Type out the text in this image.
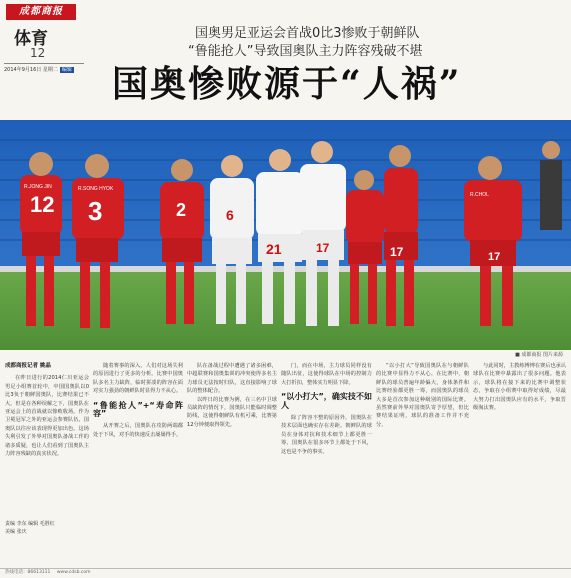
成都商报
体育
12
2014年9月16日 星期二 编辑
国奥男足亚运会首战0比3惨败于朝鲜队
“鲁能抢人”导致国奥队主力阵容残破不堪
国奥惨败源于“人祸”
12
R.JONG JIN
3
R.SONG HYOK
2	6
21	17	17
R.CHOL
17
■ 成都商报 图片来源
成都商报记者 姚晶

在昨日进行的2014仁川亚运会男足小组赛首轮中，中国国奥队以0比3负于朝鲜国奥队，比赛结果已不大。但是在各种误解之下，国奥队在亚运会上的首战就以惨败收场。作为卫冕冠军之外的亚运会参赛队伍，国奥队以往应该表现得更加出色。这场失利引发了外界对国奥队备战工作的诸多质疑，也让人们看到了国奥队主力阵容残缺的真实状况。

责编 李东 编辑 毛胜红
美编 张庆

随着赛事的深入，人们对这场失利的原因进行了更多的分析。比赛中国奥队多名主力缺阵，临时拼凑的阵容在面对实力强劲的朝鲜队时显得力不从心。

“鲁能抢人”+“寿命阵容”

从开赛之后，国奥队在攻防两端都处于下风，对手的快速反击屡屡得手。

队在备战过程中遭遇了诸多困难，中超联赛和国奥集训的冲突使得多名主力球员无法按时归队，这直接影响了球队的整体配合。

以昨日的比赛为例，在三名中卫球员缺阵的情况下，国奥队只能临时调整防线，这使得朝鲜队有机可乘，比赛第12分钟便取得领先。

门，而在中场，主力球员同样没有随队出征，这使得球队在中场的控制力大打折扣，整体实力明显下降。

“以小打大”，确实技不如人

除了阵容不整的原因外，国奥队在技术层面也确实存在差距。朝鲜队的球员在身体对抗和技术细节上都更胜一筹，国奥队在很多环节上都处于下风，这也是不争的事实。

“以小打大”导致国奥队在与朝鲜队的比赛中显得力不从心。在比赛中，朝鲜队的球员普遍年龄偏大，身体条件和比赛经验都更胜一筹，而国奥队的球员大多是首次参加这种级别的国际比赛。虽然赛前外界对国奥队寄予厚望，但比赛结果证明，球队的准备工作并不充分。

与此同时，主教练傅博在赛后也承认球队在比赛中暴露出了很多问题。他表示，球队将在接下来的比赛中调整状态，争取在小组赛中取得好成绩，尽最大努力打出国奥队应有的水平，争取晋级淘汰赛。

热线电话：86613111 www.cdsb.com
